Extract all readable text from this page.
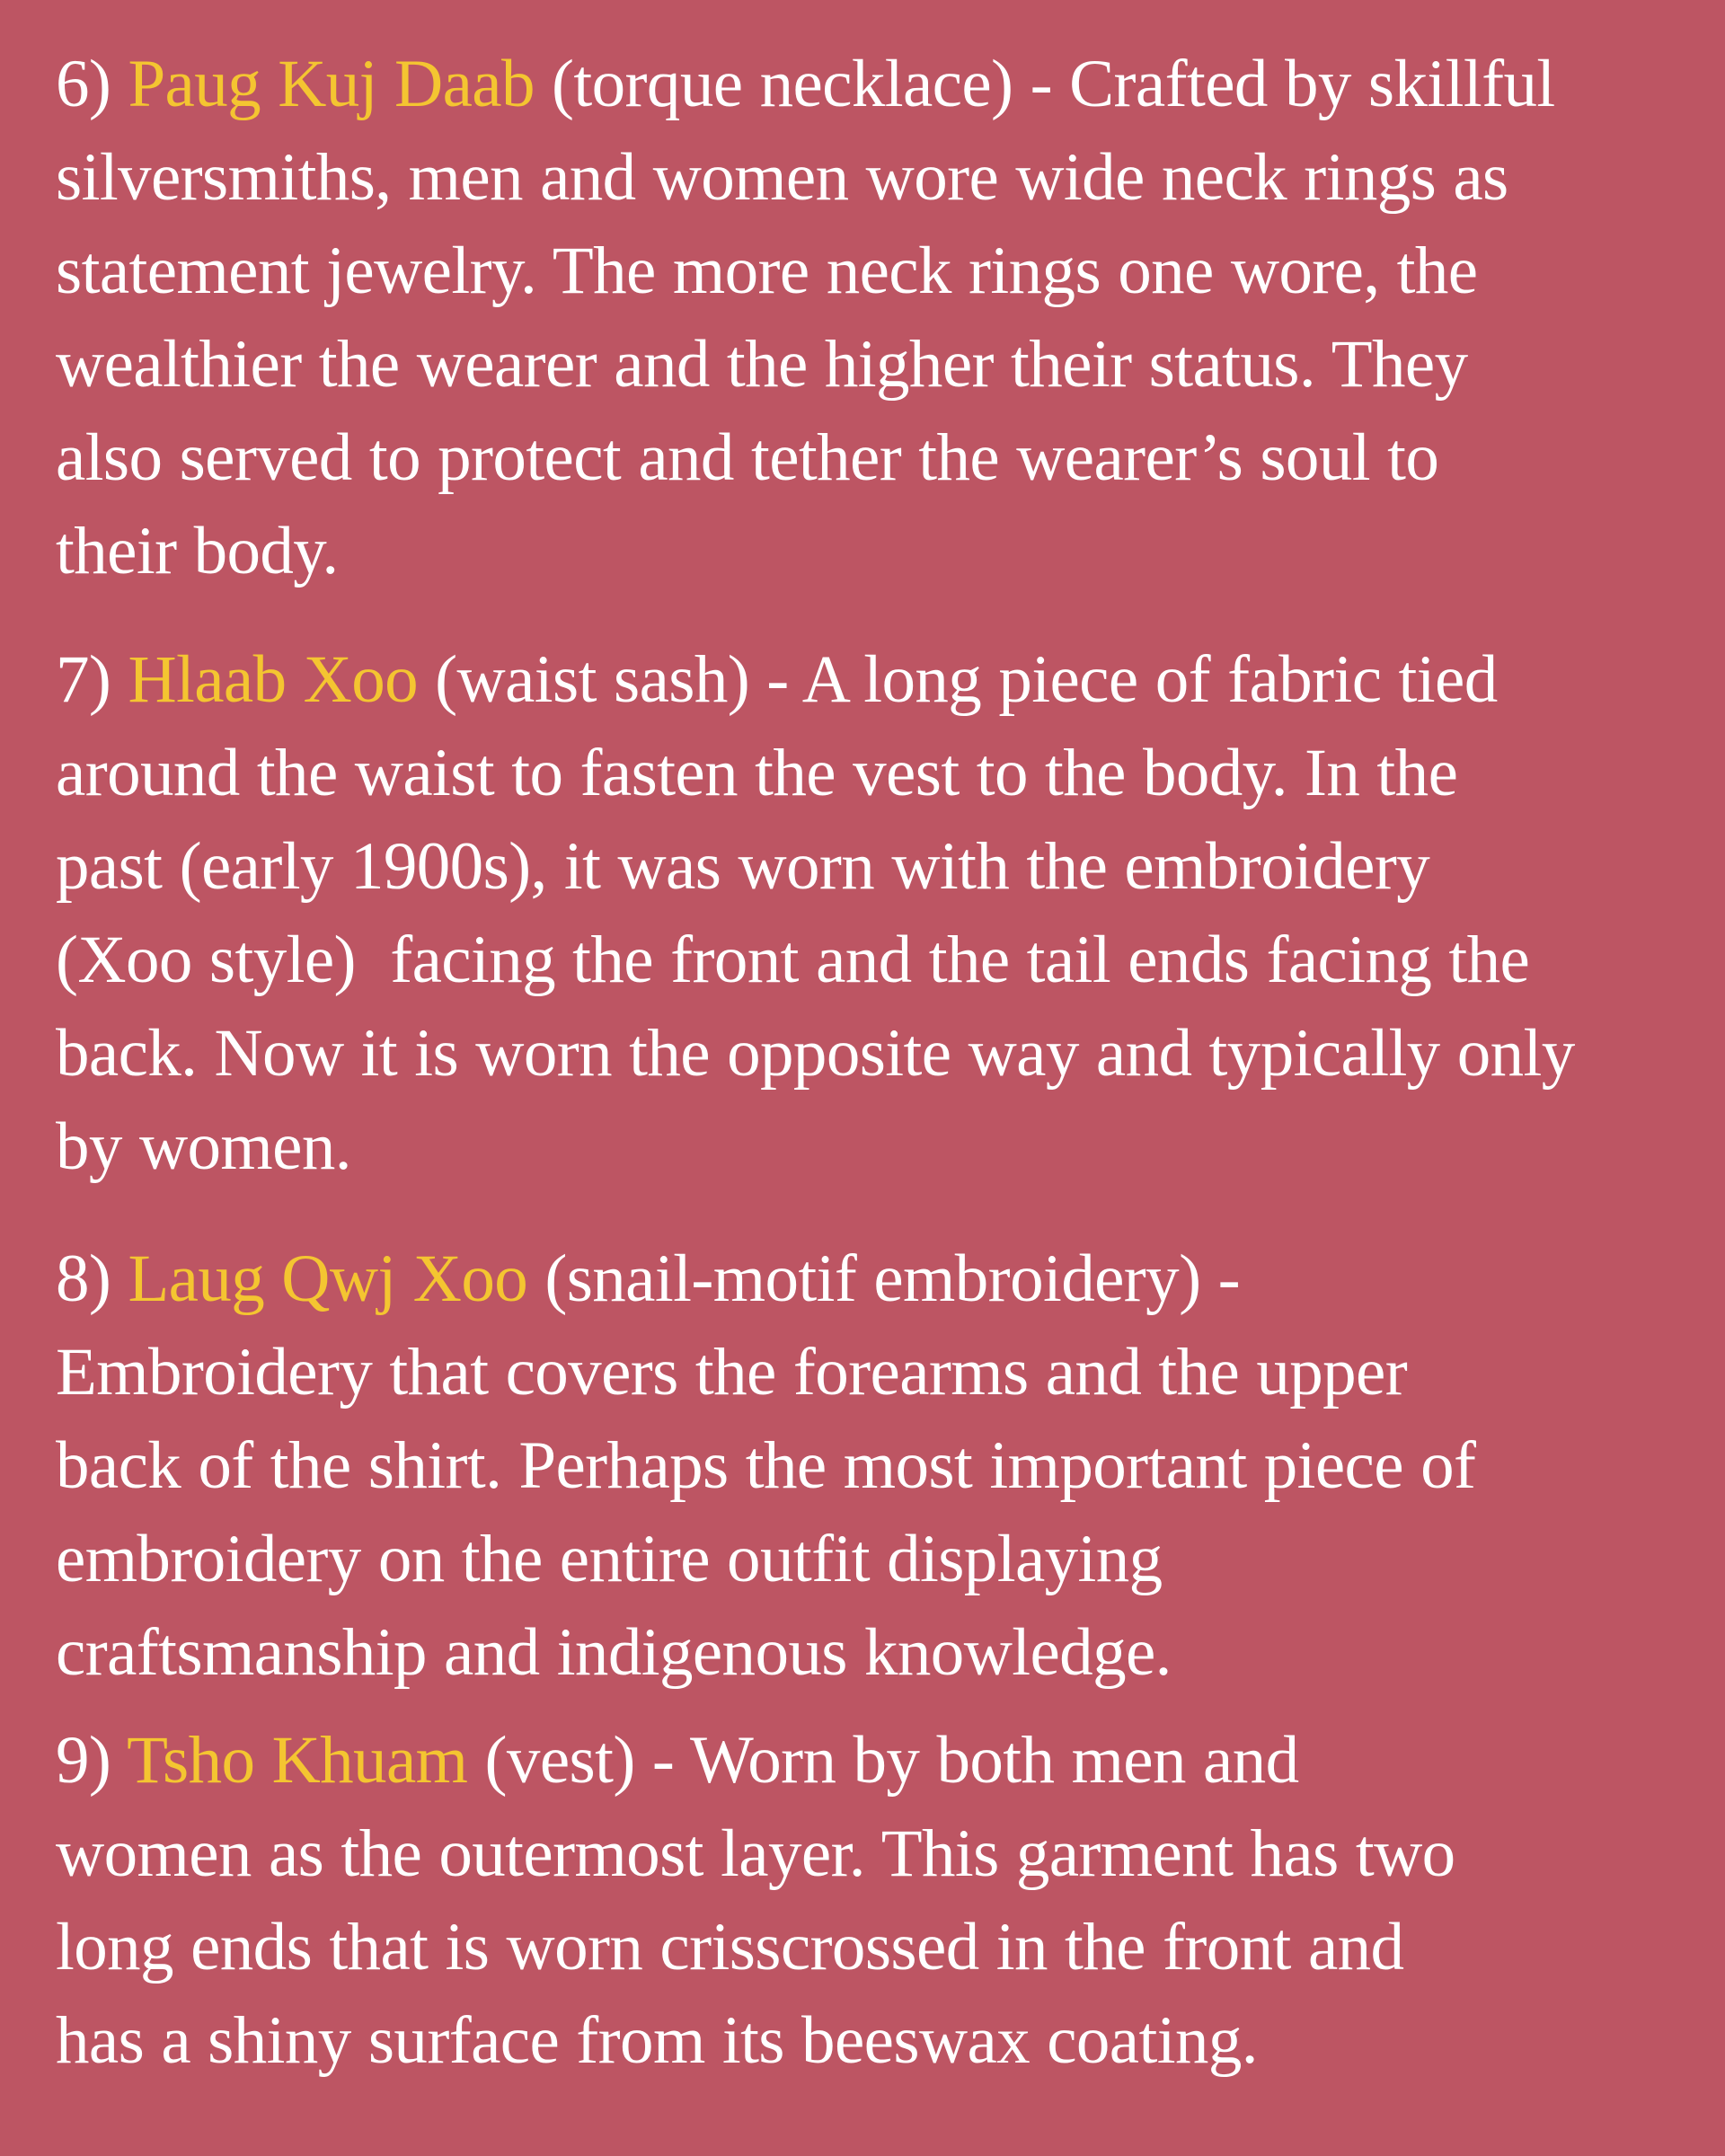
6) Paug Kuj Daab (torque necklace) - Crafted by skillful
silversmiths, men and women wore wide neck rings as
statement jewelry. The more neck rings one wore, the
wealthier the wearer and the higher their status. They
also served to protect and tether the wearer’s soul to
their body.

7) Hlaab Xoo (waist sash) - A long piece of fabric tied
around the waist to fasten the vest to the body. In the
past (early 1900s), it was worn with the embroidery
(Xoo style)  facing the front and the tail ends facing the
back. Now it is worn the opposite way and typically only
by women.

8) Laug Qwj Xoo (snail-motif embroidery) -
Embroidery that covers the forearms and the upper
back of the shirt. Perhaps the most important piece of
embroidery on the entire outfit displaying
craftsmanship and indigenous knowledge.

9) Tsho Khuam (vest) - Worn by both men and
women as the outermost layer. This garment has two
long ends that is worn crisscrossed in the front and
has a shiny surface from its beeswax coating.
